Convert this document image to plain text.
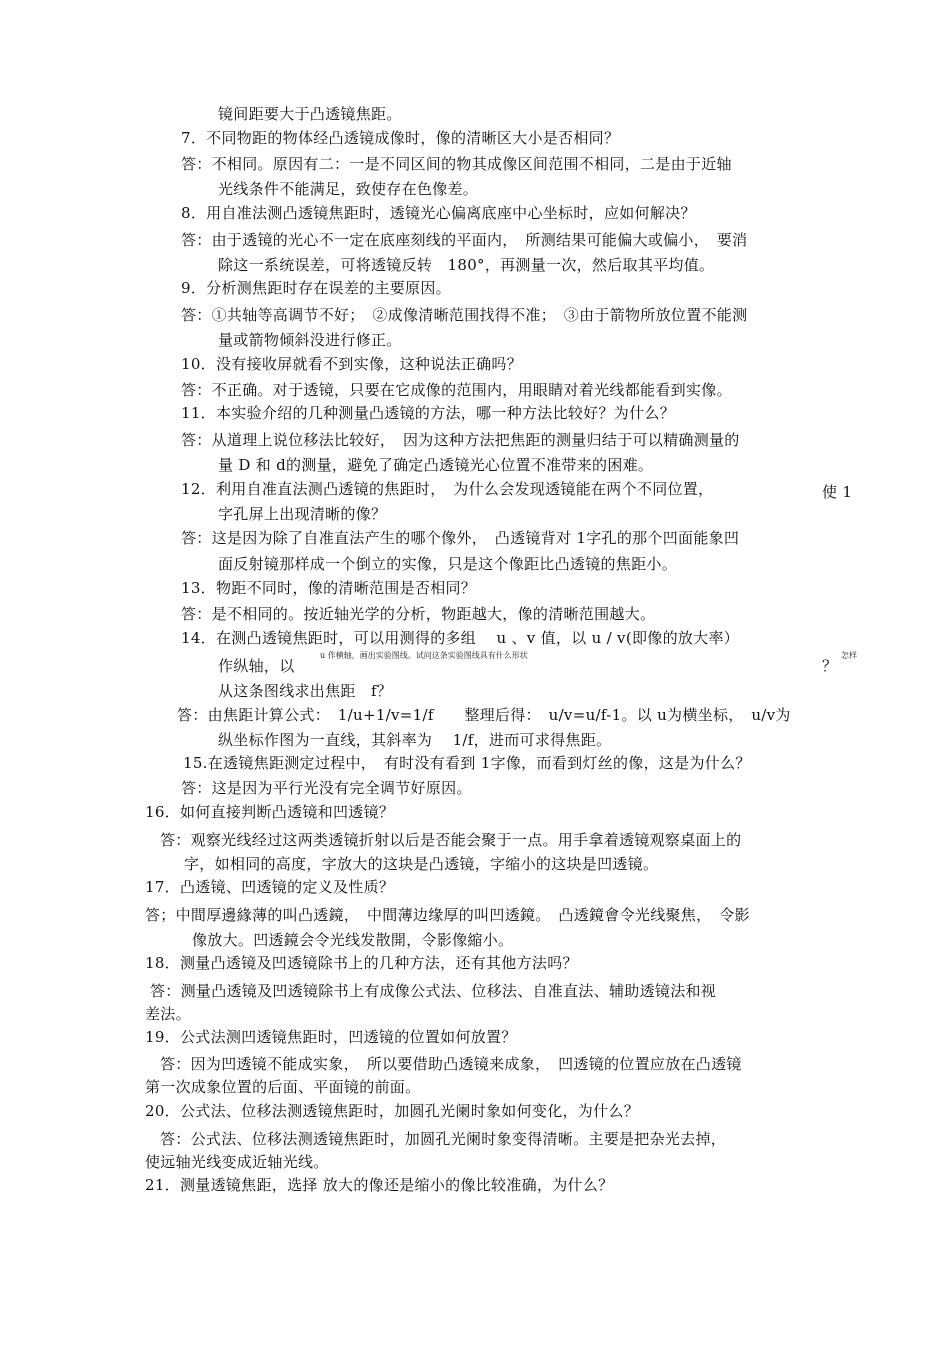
镜间距要大于凸透镜焦距。
7．不同物距的物体经凸透镜成像时，像的清晰区大小是否相同？
答：不相同。原因有二：一是不同区间的物其成像区间范围不相同，二是由于近轴
光线条件不能满足，致使存在色像差。
8．用自准法测凸透镜焦距时，透镜光心偏离底座中心坐标时，应如何解决？
答：由于透镜的光心不一定在底座刻线的平面内，　所测结果可能偏大或偏小，　要消
除这一系统误差，可将透镜反转　180°，再测量一次，然后取其平均值。
9．分析测焦距时存在误差的主要原因。
答：①共轴等高调节不好；　②成像清晰范围找得不准；　③由于箭物所放位置不能测
量或箭物倾斜没进行修正。
10．没有接收屏就看不到实像，这种说法正确吗？
答：不正确。对于透镜，只要在它成像的范围内，用眼睛对着光线都能看到实像。
11．本实验介绍的几种测量凸透镜的方法，哪一种方法比较好？为什么？
答：从道理上说位移法比较好，　因为这种方法把焦距的测量归结于可以精确测量的
量 D 和 d的测量，避免了确定凸透镜光心位置不准带来的困难。
12．利用自准直法测凸透镜的焦距时，　为什么会发现透镜能在两个不同位置，	使 1
字孔屏上出现清晰的像？
答：这是因为除了自准直法产生的哪个像外，　凸透镜背对 1字孔的那个凹面能象凹
面反射镜那样成一个倒立的实像，只是这个像距比凸透镜的焦距小。
13．物距不同时，像的清晰范围是否相同？
答：是不相同的。按近轴光学的分析，物距越大，像的清晰范围越大。
14．在测凸透镜焦距时，可以用测得的多组　 u 、v 值，以 u / v(即像的放大率）
作纵轴，以
u 作横轴，画出实验图线。试问这条实验图线具有什么形状	怎样
？
从这条图线求出焦距　f？
答：由焦距计算公式：　1/u+1/v=1/f　　整理后得：　u/v=u/f-1。以 u为横坐标，　u/v为
纵坐标作图为一直线，其斜率为　 1/f，进而可求得焦距。
15.在透镜焦距测定过程中，　有时没有看到 1字像，而看到灯丝的像，这是为什么？
答：这是因为平行光没有完全调节好原因。
16．如何直接判断凸透镜和凹透镜？
答：观察光线经过这两类透镜折射以后是否能会聚于一点。用手拿着透镜观察桌面上的
字，如相同的高度，字放大的这块是凸透镜，字缩小的这块是凹透镜。
17．凸透镜、凹透镜的定义及性质？
答；中間厚邊緣薄的叫凸透鏡，　中間薄边缘厚的叫凹透鏡。　凸透鏡會令光线聚焦，　令影
像放大。凹透鏡会令光线发散開，令影像縮小。
18．测量凸透镜及凹透镜除书上的几种方法，还有其他方法吗？
答：测量凸透镜及凹透镜除书上有成像公式法、位移法、自准直法、辅助透镜法和视
差法。
19．公式法测凹透镜焦距时，凹透镜的位置如何放置？
答：因为凹透镜不能成实象，　所以要借助凸透镜来成象，　凹透镜的位置应放在凸透镜
第一次成象位置的后面、平面镜的前面。
20．公式法、位移法测透镜焦距时，加圆孔光阑时象如何变化，为什么？
答：公式法、位移法测透镜焦距时，加圆孔光阑时象变得清晰。主要是把杂光去掉，
使远轴光线变成近轴光线。
21．测量透镜焦距，选择 放大的像还是缩小的像比较准确，为什么？
